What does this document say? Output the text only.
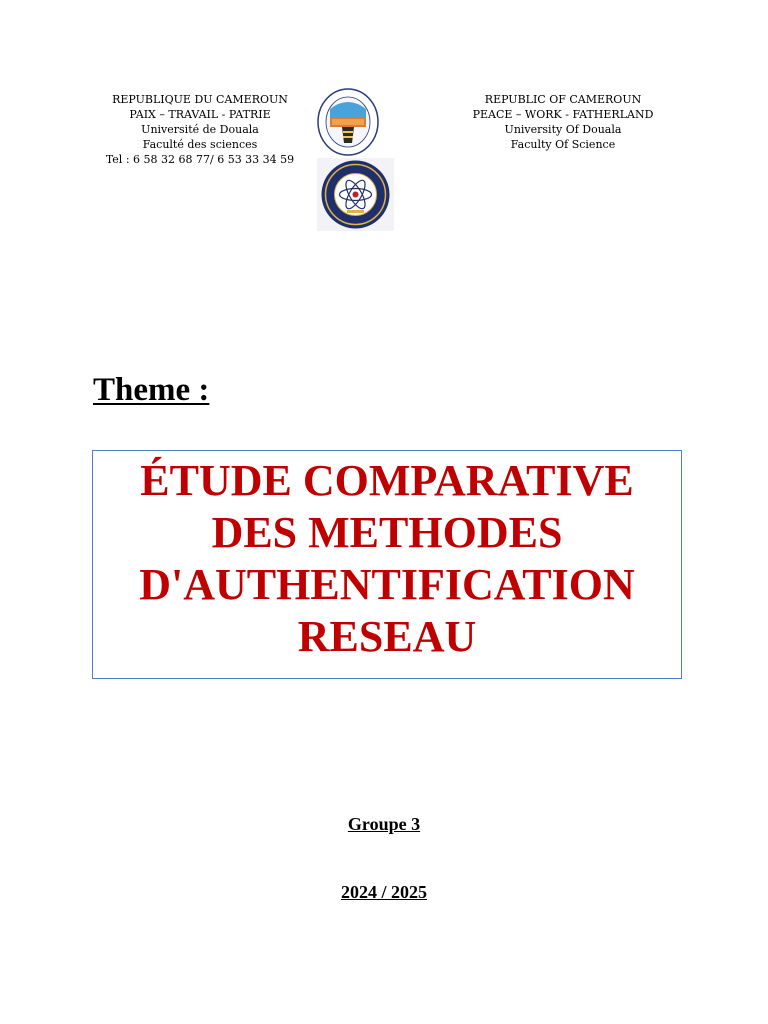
REPUBLIQUE DU CAMEROUN
PAIX – TRAVAIL - PATRIE
Université de Douala
Faculté des sciences
Tel : 6 58 32 68 77/ 6 53 33 34 59
REPUBLIC OF CAMEROUN
PEACE – WORK - FATHERLAND
University Of Douala
Faculty Of Science
Theme :
ÉTUDE COMPARATIVE
DES METHODES
D'AUTHENTIFICATION
RESEAU
Groupe 3
2024 / 2025
